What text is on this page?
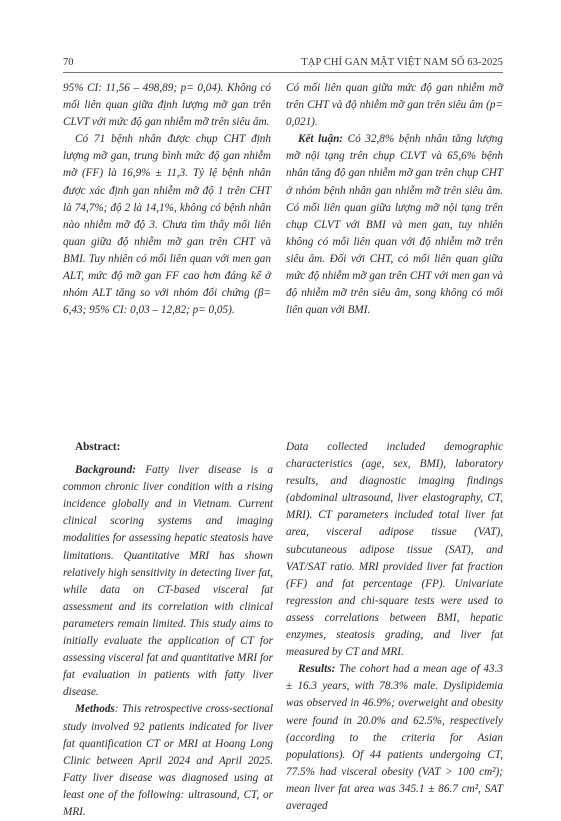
70	TẠP CHÍ GAN MẬT VIỆT NAM SỐ 63-2025

95% CI: 11,56 – 498,89; p= 0,04). Không có mối liên quan giữa định lượng mỡ gan trên CLVT với mức độ gan nhiễm mỡ trên siêu âm.

Có 71 bệnh nhân được chụp CHT định lượng mỡ gan, trung bình mức độ gan nhiễm mỡ (FF) là 16,9% ± 11,3. Tỷ lệ bệnh nhân được xác định gan nhiễm mỡ độ 1 trên CHT là 74,7%; độ 2 là 14,1%, không có bệnh nhân nào nhiễm mỡ độ 3. Chưa tìm thấy mối liên quan giữa độ nhiễm mỡ gan trên CHT và BMI. Tuy nhiên có mối liên quan với men gan ALT, mức độ mỡ gan FF cao hơn đáng kể ở nhóm ALT tăng so với nhóm đối chứng (β= 6,43; 95% CI: 0,03 – 12,82; p= 0,05).

Có mối liên quan giữa mức độ gan nhiễm mỡ trên CHT và độ nhiễm mỡ gan trên siêu âm (p= 0,021).

Kết luận: Có 32,8% bệnh nhân tăng lượng mỡ nội tạng trên chụp CLVT và 65,6% bệnh nhân tăng độ gan nhiễm mỡ gan trên chụp CHT ở nhóm bệnh nhân gan nhiễm mỡ trên siêu âm. Có mối liên quan giữa lượng mỡ nội tạng trên chụp CLVT với BMI và men gan, tuy nhiên không có mối liên quan với độ nhiễm mỡ trên siêu âm. Đối với CHT, có mối liên quan giữa mức độ nhiễm mỡ gan trên CHT với men gan và độ nhiễm mỡ trên siêu âm, song không có mối liên quan với BMI.

Abstract:

Background: Fatty liver disease is a common chronic liver condition with a rising incidence globally and in Vietnam. Current clinical scoring systems and imaging modalities for assessing hepatic steatosis have limitations. Quantitative MRI has shown relatively high sensitivity in detecting liver fat, while data on CT-based visceral fat assessment and its correlation with clinical parameters remain limited. This study aims to initially evaluate the application of CT for assessing visceral fat and quantitative MRI for fat evaluation in patients with fatty liver disease.

Methods: This retrospective cross-sectional study involved 92 patients indicated for liver fat quantification CT or MRI at Hoang Long Clinic between April 2024 and April 2025. Fatty liver disease was diagnosed using at least one of the following: ultrasound, CT, or MRI.

Data collected included demographic characteristics (age, sex, BMI), laboratory results, and diagnostic imaging findings (abdominal ultrasound, liver elastography, CT, MRI). CT parameters included total liver fat area, visceral adipose tissue (VAT), subcutaneous adipose tissue (SAT), and VAT/SAT ratio. MRI provided liver fat fraction (FF) and fat percentage (FP). Univariate regression and chi-square tests were used to assess correlations between BMI, hepatic enzymes, steatosis grading, and liver fat measured by CT and MRI.

Results: The cohort had a mean age of 43.3 ± 16.3 years, with 78.3% male. Dyslipidemia was observed in 46.9%; overweight and obesity were found in 20.0% and 62.5%, respectively (according to the criteria for Asian populations). Of 44 patients undergoing CT, 77.5% had visceral obesity (VAT > 100 cm²); mean liver fat area was 345.1 ± 86.7 cm², SAT averaged
